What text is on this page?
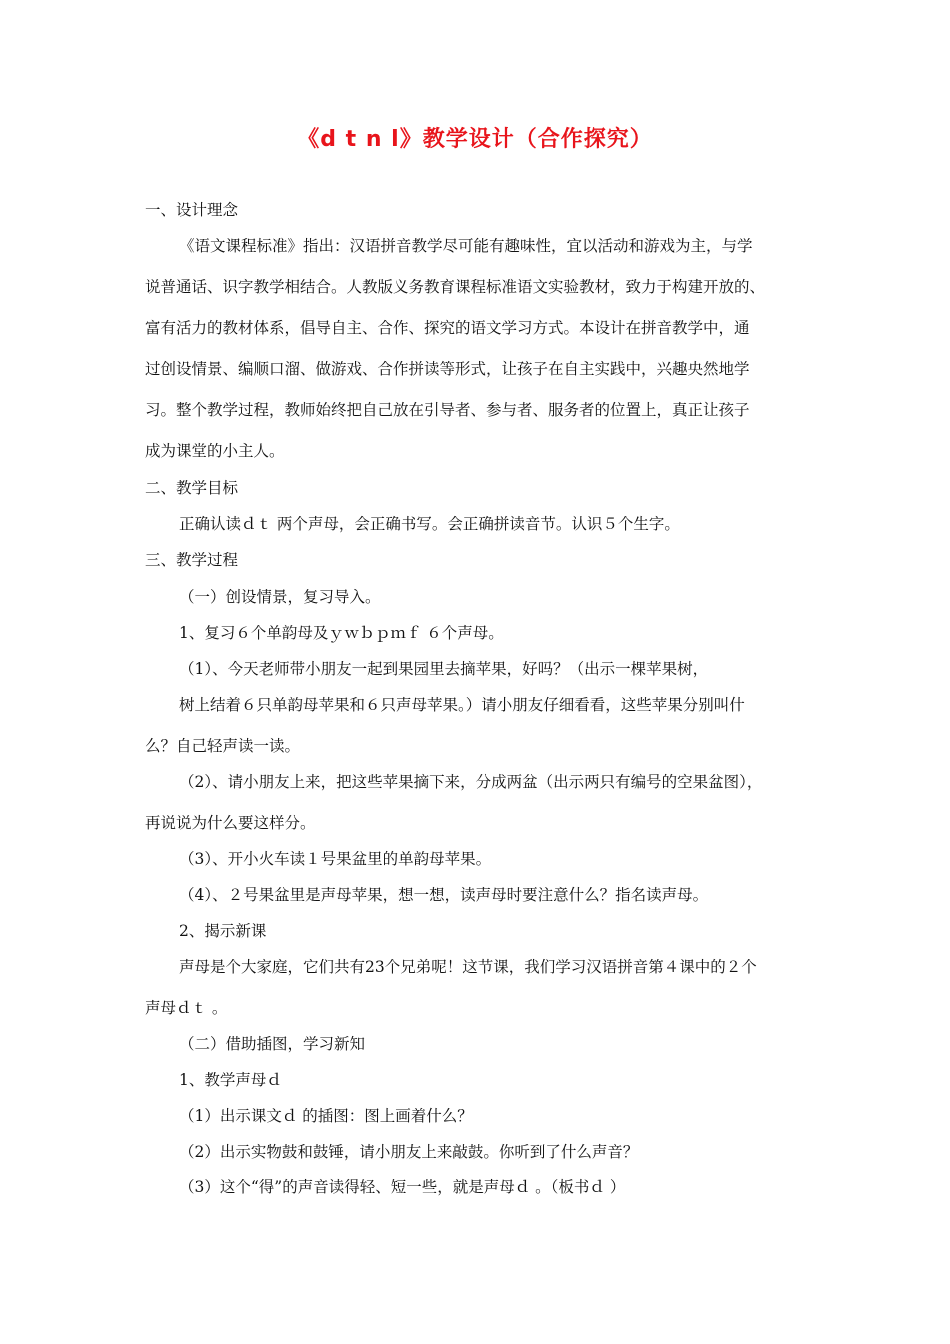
《d t n l》教学设计（合作探究）
一、设计理念
《语文课程标准》指出：汉语拼音教学尽可能有趣味性，宜以活动和游戏为主，与学
说普通话、识字教学相结合。人教版义务教育课程标准语文实验教材，致力于构建开放的、
富有活力的教材体系，倡导自主、合作、探究的语文学习方式。本设计在拼音教学中，通
过创设情景、编顺口溜、做游戏、合作拼读等形式，让孩子在自主实践中，兴趣央然地学
习。整个教学过程，教师始终把自己放在引导者、参与者、服务者的位置上，真正让孩子
成为课堂的小主人。
二、教学目标
正确认读ｄｔ 两个声母，会正确书写。会正确拼读音节。认识５个生字。
三、教学过程
（一）创设情景，复习导入。
1、复习６个单韵母及ｙｗｂｐｍｆ ６个声母。
（1）、今天老师带小朋友一起到果园里去摘苹果，好吗？（出示一棵苹果树，
树上结着６只单韵母苹果和６只声母苹果。）请小朋友仔细看看，这些苹果分别叫什
么？自己轻声读一读。
（2）、请小朋友上来，把这些苹果摘下来，分成两盆（出示两只有编号的空果盆图），
再说说为什么要这样分。
（3）、开小火车读１号果盆里的单韵母苹果。
（4）、２号果盆里是声母苹果，想一想，读声母时要注意什么？指名读声母。
2、揭示新课
声母是个大家庭，它们共有23个兄弟呢！这节课，我们学习汉语拼音第４课中的２个
声母ｄｔ 。
（二）借助插图，学习新知
1、教学声母ｄ
（1）出示课文ｄ 的插图：图上画着什么？
（2）出示实物鼓和鼓锤，请小朋友上来敲鼓。你听到了什么声音？
（3）这个“得”的声音读得轻、短一些，就是声母ｄ 。（板书ｄ ）
